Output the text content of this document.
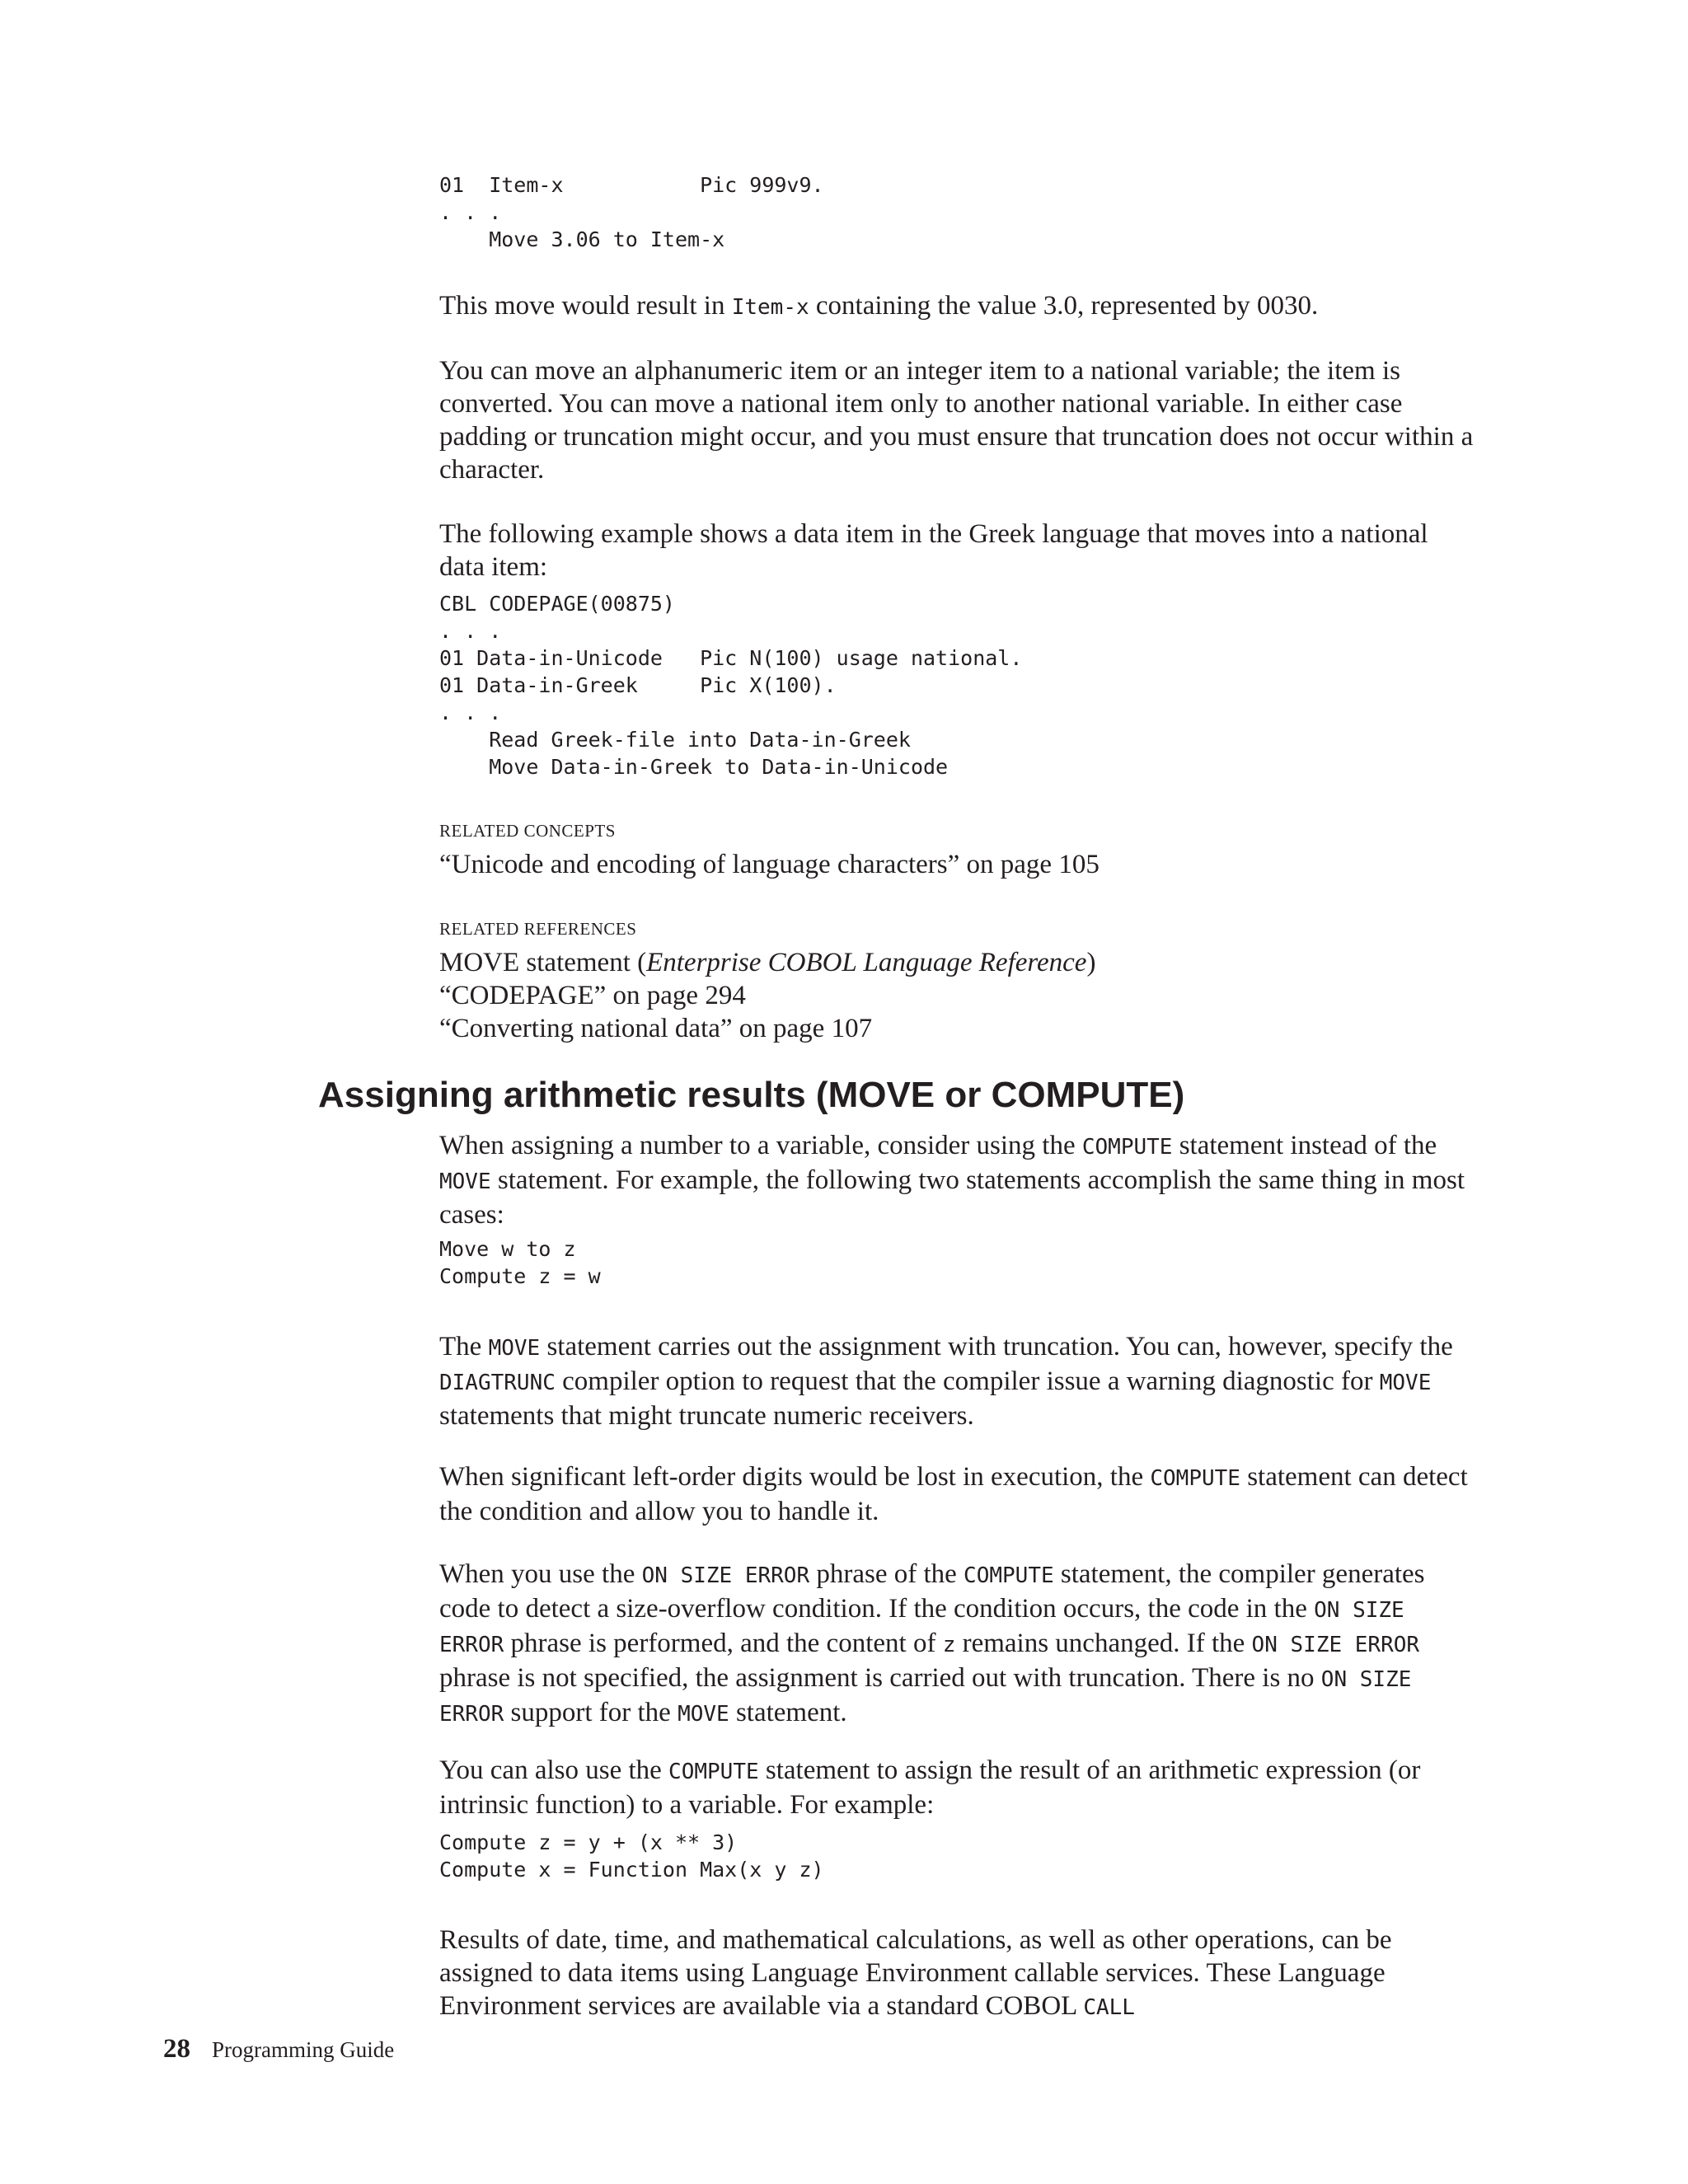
01  Item-x           Pic 999v9.
. . .
Move 3.06 to Item-x

This move would result in Item-x containing the value 3.0, represented by 0030.

You can move an alphanumeric item or an integer item to a national variable; the item is converted. You can move a national item only to another national variable. In either case padding or truncation might occur, and you must ensure that truncation does not occur within a character.

The following example shows a data item in the Greek language that moves into a national data item:

CBL CODEPAGE(00875)
. . .
01 Data-in-Unicode   Pic N(100) usage national.
01 Data-in-Greek     Pic X(100).
. . .
Read Greek-file into Data-in-Greek
Move Data-in-Greek to Data-in-Unicode

RELATED CONCEPTS

“Unicode and encoding of language characters” on page 105

RELATED REFERENCES

MOVE statement (Enterprise COBOL Language Reference)
“CODEPAGE” on page 294
“Converting national data” on page 107
Assigning arithmetic results (MOVE or COMPUTE)

When assigning a number to a variable, consider using the COMPUTE statement instead of the MOVE statement. For example, the following two statements accomplish the same thing in most cases:

Move w to z
Compute z = w

The MOVE statement carries out the assignment with truncation. You can, however, specify the DIAGTRUNC compiler option to request that the compiler issue a warning diagnostic for MOVE statements that might truncate numeric receivers.

When significant left-order digits would be lost in execution, the COMPUTE statement can detect the condition and allow you to handle it.

When you use the ON SIZE ERROR phrase of the COMPUTE statement, the compiler generates code to detect a size-overflow condition. If the condition occurs, the code in the ON SIZE ERROR phrase is performed, and the content of z remains unchanged. If the ON SIZE ERROR phrase is not specified, the assignment is carried out with truncation. There is no ON SIZE ERROR support for the MOVE statement.

You can also use the COMPUTE statement to assign the result of an arithmetic expression (or intrinsic function) to a variable. For example:

Compute z = y + (x ** 3)
Compute x = Function Max(x y z)

Results of date, time, and mathematical calculations, as well as other operations, can be assigned to data items using Language Environment callable services. These Language Environment services are available via a standard COBOL CALL

28 Programming Guide
